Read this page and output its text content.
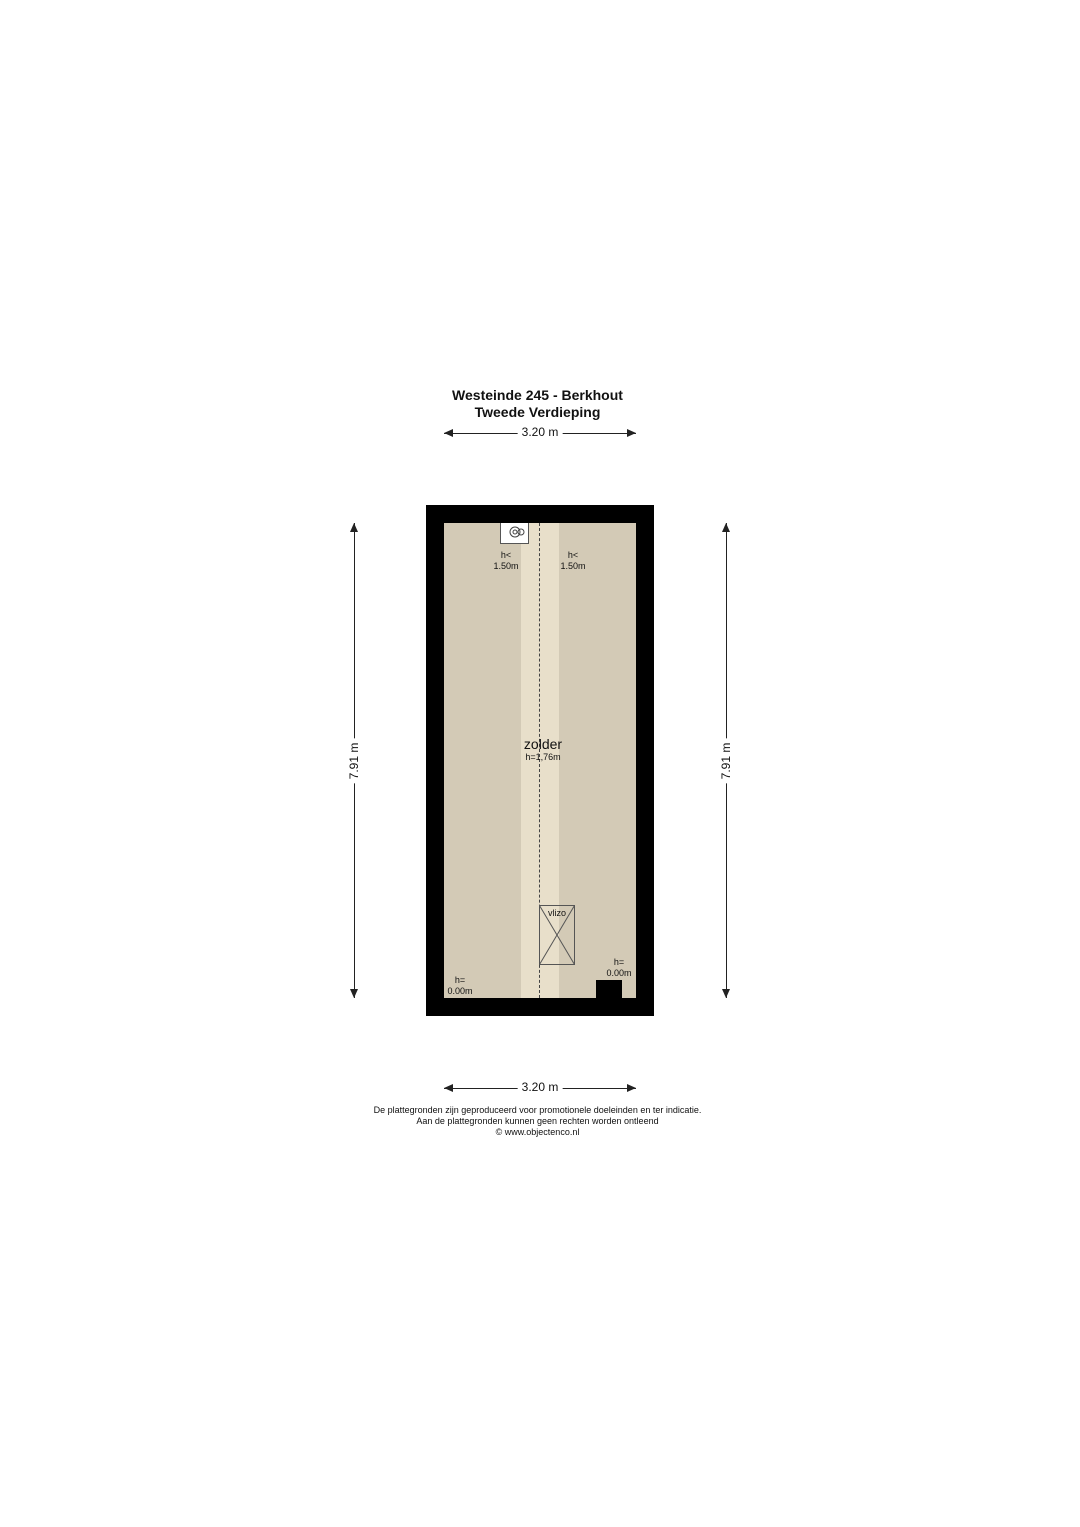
Westeinde 245 - Berkhout
Tweede Verdieping
3.20 m
7.91 m	7.91 m
h<
1.50m
h<
1.50m
zolder
h=1,76m
vlizo
h=
0.00m
h=
0.00m
3.20 m
De plattegronden zijn geproduceerd voor promotionele doeleinden en ter indicatie.
Aan de plattegronden kunnen geen rechten worden ontleend
© www.objectenco.nl
